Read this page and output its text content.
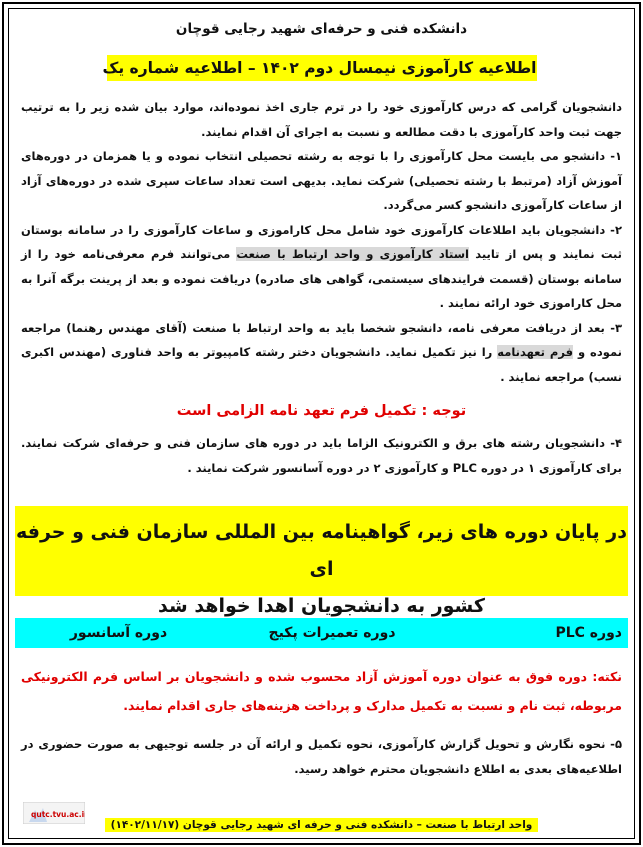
دانشکده فنی و حرفه‌ای شهید رجایی قوچان
اطلاعیه کارآموزی نیمسال دوم ۱۴۰۲ – اطلاعیه شماره یک

دانشجویان گرامی که درس کارآموزی خود را در ترم جاری اخذ نموده‌اند، موارد بیان شده زیر را به ترتیب جهت ثبت واحد کارآموزی با دقت مطالعه و نسبت به اجرای آن اقدام نمایند.

۱- دانشجو می بایست محل کارآموزی را با توجه به رشته تحصیلی انتخاب نموده و یا همزمان در دوره‌های آموزش آزاد (مرتبط با رشته تحصیلی) شرکت نماید. بدیهی است تعداد ساعات سپری شده در دوره‌های آزاد از ساعات کارآموزی دانشجو کسر می‌گردد.

۲- دانشجویان باید اطلاعات کارآموزی خود شامل محل کاراموزی و ساعات کارآموزی را در سامانه بوستان ثبت نمایند و پس از تایید استاد کارآموزی و واحد ارتباط با صنعت می‌توانند فرم معرفی‌نامه خود را از سامانه بوستان (قسمت فرایندهای سیستمی، گواهی های صادره) دریافت نموده و بعد از پرینت برگه آنرا به محل کاراموزی خود ارائه نمایند .

۳- بعد از دریافت معرفی نامه، دانشجو شخصا باید به واحد ارتباط با صنعت (آقای مهندس رهنما) مراجعه نموده و فرم تعهدنامه را نیز تکمیل نماید. دانشجویان دختر رشته کامپیوتر به واحد فناوری (مهندس اکبری نسب) مراجعه نمایند .

توجه : تکمیل فرم تعهد نامه الزامی است

۴- دانشجویان رشته های برق و الکترونیک الزاما باید در دوره های سازمان فنی و حرفه‌ای شرکت نمایند. برای کارآموزی ۱ در دوره PLC و کارآموزی ۲ در دوره آسانسور شرکت نمایند .

در پایان دوره های زیر، گواهینامه بین المللی سازمان فنی و حرفه ای
کشور به دانشجویان اهدا خواهد شد
دوره PLC
دوره تعمیرات پکیج
دوره آسانسور
نکته: دوره فوق به عنوان دوره آموزش آزاد محسوب شده و دانشجویان بر اساس فرم الکترونیکی مربوطه، ثبت نام و نسبت به تکمیل مدارک و پرداخت هزینه‌های جاری اقدام نمایند.

۵- نحوه نگارش و تحویل گزارش کارآموزی، نحوه تکمیل و ارائه آن در جلسه توجیهی به صورت حضوری در اطلاعیه‌های بعدی به اطلاع دانشجویان محترم خواهد رسید.

واحد ارتباط با صنعت – دانشکده فنی و حرفه ای شهید رجایی قوچان (۱۴۰۲/۱۱/۱۷)
qutc.tvu.ac.ir
